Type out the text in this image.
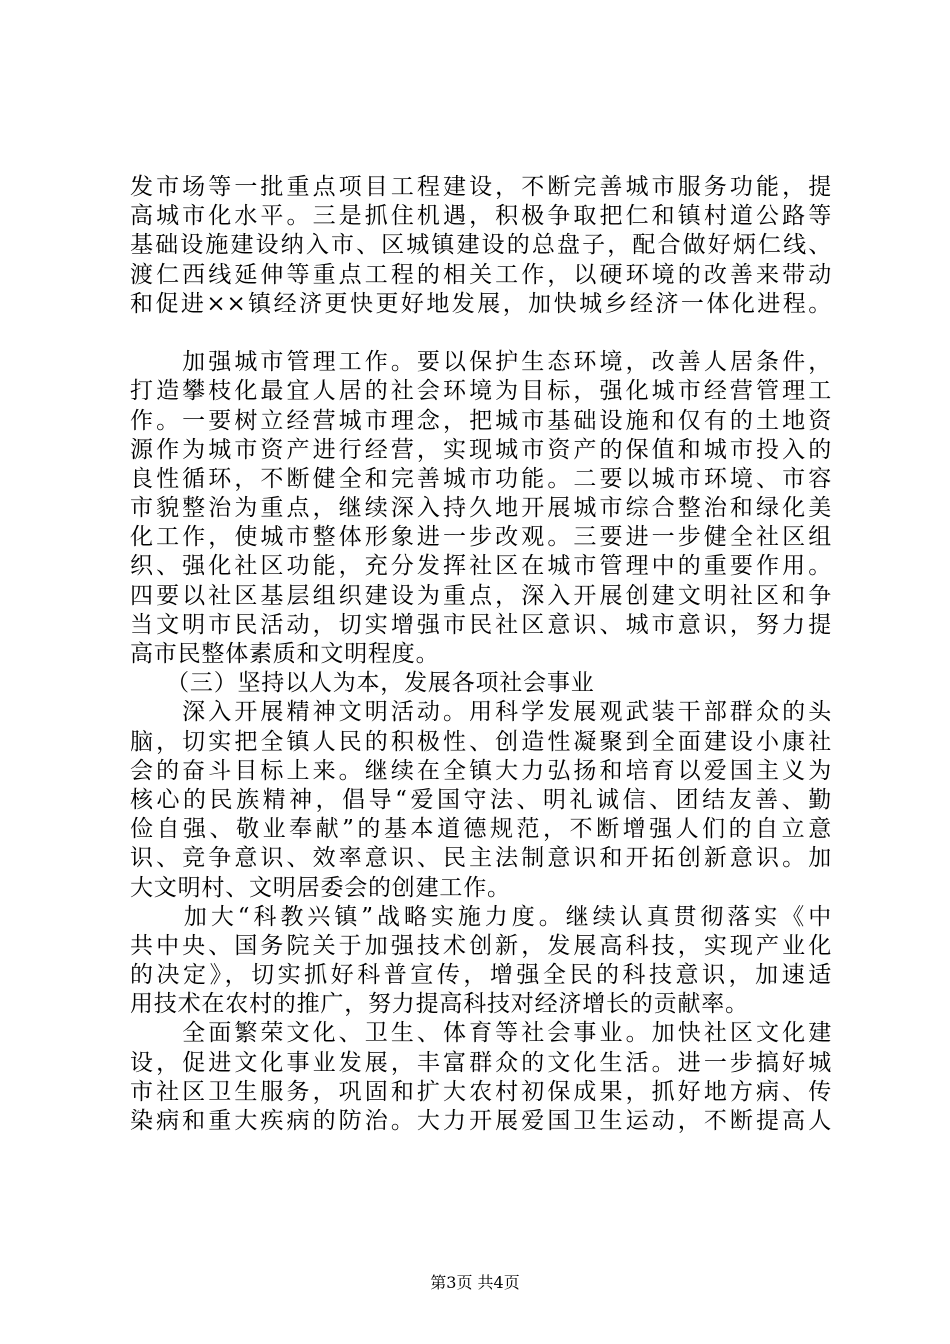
发市场等一批重点项目工程建设，不断完善城市服务功能，提
高城市化水平。三是抓住机遇，积极争取把仁和镇村道公路等
基础设施建设纳入市、区城镇建设的总盘子，配合做好炳仁线、
渡仁西线延伸等重点工程的相关工作，以硬环境的改善来带动
和促进××镇经济更快更好地发展，加快城乡经济一体化进程。
　　加强城市管理工作。要以保护生态环境，改善人居条件，
打造攀枝化最宜人居的社会环境为目标，强化城市经营管理工
作。一要树立经营城市理念，把城市基础设施和仅有的土地资
源作为城市资产进行经营，实现城市资产的保值和城市投入的
良性循环，不断健全和完善城市功能。二要以城市环境、市容
市貌整治为重点，继续深入持久地开展城市综合整治和绿化美
化工作，使城市整体形象进一步改观。三要进一步健全社区组
织、强化社区功能，充分发挥社区在城市管理中的重要作用。
四要以社区基层组织建设为重点，深入开展创建文明社区和争
当文明市民活动，切实增强市民社区意识、城市意识，努力提
高市民整体素质和文明程度。
　　（三）坚持以人为本，发展各项社会事业
　　深入开展精神文明活动。用科学发展观武装干部群众的头
脑，切实把全镇人民的积极性、创造性凝聚到全面建设小康社
会的奋斗目标上来。继续在全镇大力弘扬和培育以爱国主义为
核心的民族精神，倡导“爱国守法、明礼诚信、团结友善、勤
俭自强、敬业奉献”的基本道德规范，不断增强人们的自立意
识、竞争意识、效率意识、民主法制意识和开拓创新意识。加
大文明村、文明居委会的创建工作。
　　加大“科教兴镇”战略实施力度。继续认真贯彻落实《中
共中央、国务院关于加强技术创新，发展高科技，实现产业化
的决定》，切实抓好科普宣传，增强全民的科技意识，加速适
用技术在农村的推广，努力提高科技对经济增长的贡献率。
　　全面繁荣文化、卫生、体育等社会事业。加快社区文化建
设，促进文化事业发展，丰富群众的文化生活。进一步搞好城
市社区卫生服务，巩固和扩大农村初保成果，抓好地方病、传
染病和重大疾病的防治。大力开展爱国卫生运动，不断提高人
第3页 共4页
